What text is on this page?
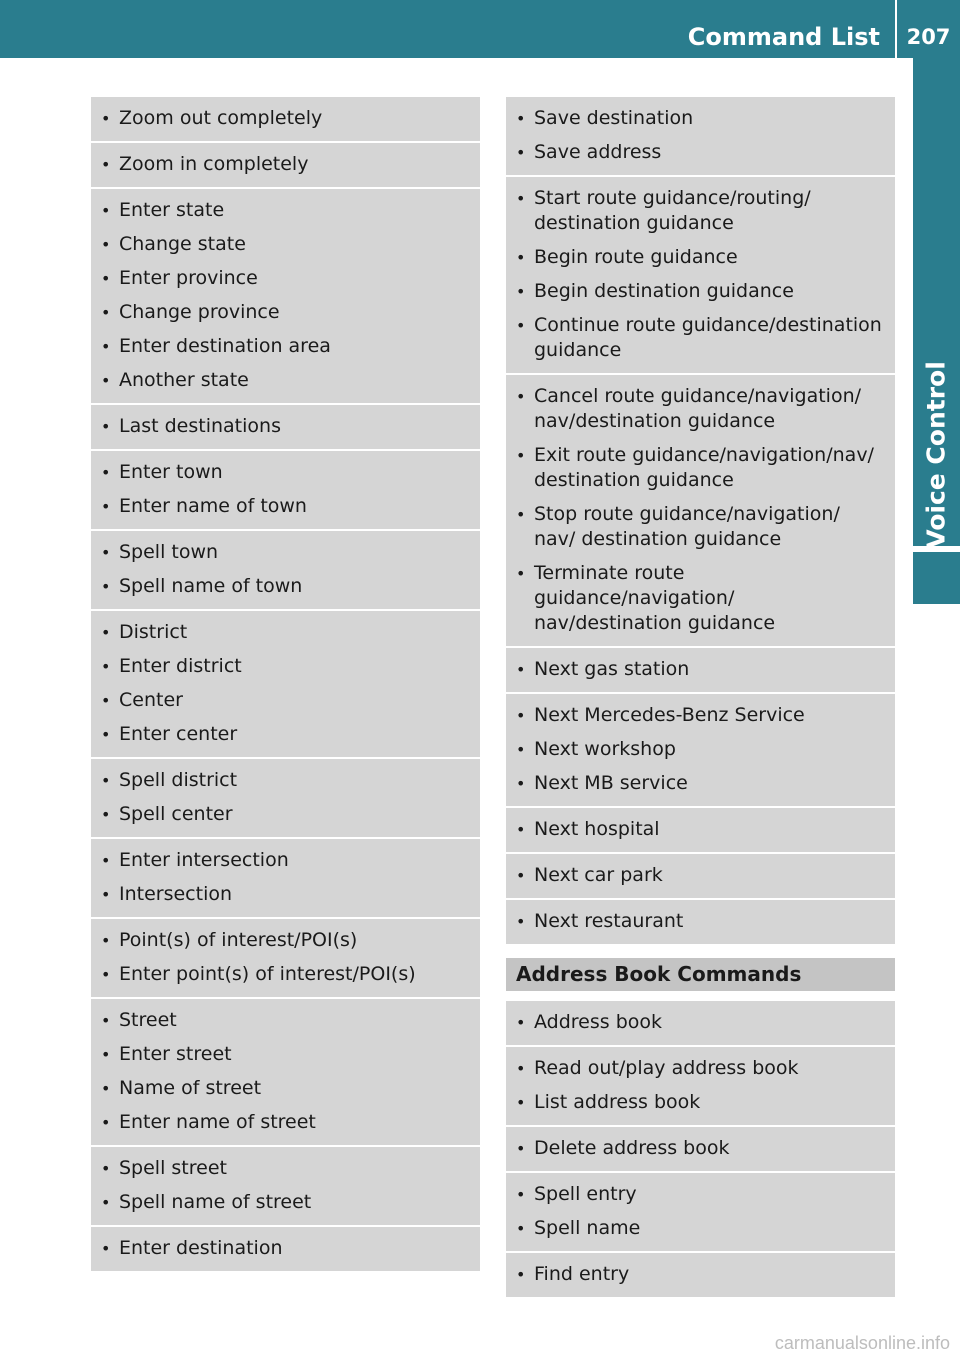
Command List	207
Voice Control
• Zoom out completely
• Zoom in completely
• Enter state
• Change state
• Enter province
• Change province
• Enter destination area
• Another state
• Last destinations
• Enter town
• Enter name of town
• Spell town
• Spell name of town
• District
• Enter district
• Center
• Enter center
• Spell district
• Spell center
• Enter intersection
• Intersection
• Point(s) of interest/POI(s)
• Enter point(s) of interest/POI(s)
• Street
• Enter street
• Name of street
• Enter name of street
• Spell street
• Spell name of street
• Enter destination
• Save destination
• Save address
• Start route guidance/routing/ destination guidance
• Begin route guidance
• Begin destination guidance
• Continue route guidance/destination guidance
• Cancel route guidance/navigation/ nav/destination guidance
• Exit route guidance/navigation/nav/ destination guidance
• Stop route guidance/navigation/ nav/ destination guidance
• Terminate route guidance/navigation/ nav/destination guidance
• Next gas station
• Next Mercedes-Benz Service
• Next workshop
• Next MB service
• Next hospital
• Next car park
• Next restaurant
Address Book Commands
• Address book
• Read out/play address book
• List address book
• Delete address book
• Spell entry
• Spell name
• Find entry
carmanualsonline.info
